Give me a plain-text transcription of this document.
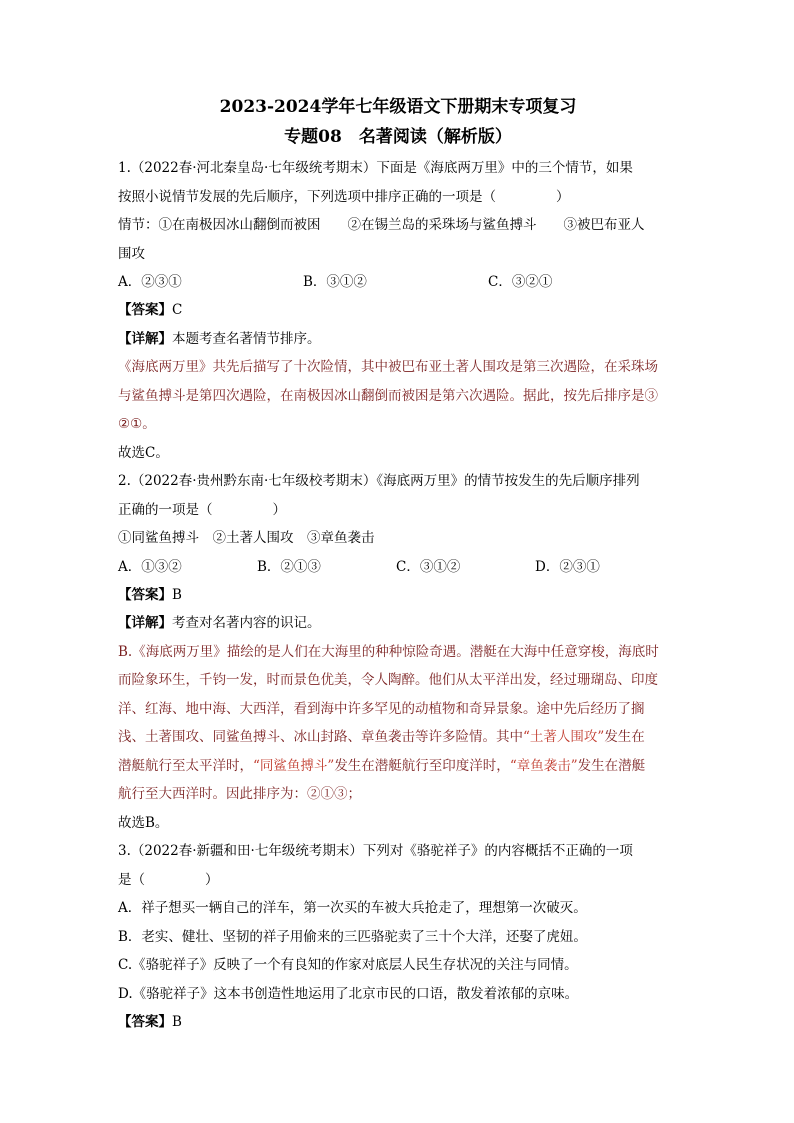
2023-2024学年七年级语文下册期末专项复习

专题08　名著阅读（解析版）

1.（2022春·河北秦皇岛·七年级统考期末）下面是《海底两万里》中的三个情节，如果

按照小说情节发展的先后顺序，下列选项中排序正确的一项是（	）

情节：①在南极因冰山翻倒而被困　　②在锡兰岛的采珠场与鲨鱼搏斗　　③被巴布亚人

围攻

A．②③①	B．③①②	C．③②①

【答案】C

【详解】本题考查名著情节排序。

《海底两万里》共先后描写了十次险情，其中被巴布亚土著人围攻是第三次遇险，在采珠场

与鲨鱼搏斗是第四次遇险，在南极因冰山翻倒而被困是第六次遇险。据此，按先后排序是③

②①。

故选C。

2.（2022春·贵州黔东南·七年级校考期末）《海底两万里》的情节按发生的先后顺序排列

正确的一项是（	）

①同鲨鱼搏斗　②土著人围攻　③章鱼袭击

A．①③②	B．②①③	C．③①②	D．②③①

【答案】B

【详解】考查对名著内容的识记。

B.《海底两万里》描绘的是人们在大海里的种种惊险奇遇。潜艇在大海中任意穿梭，海底时

而险象环生，千钧一发，时而景色优美，令人陶醉。他们从太平洋出发，经过珊瑚岛、印度

洋、红海、地中海、大西洋，看到海中许多罕见的动植物和奇异景象。途中先后经历了搁

浅、土著围攻、同鲨鱼搏斗、冰山封路、章鱼袭击等许多险情。其中“土著人围攻”发生在

潜艇航行至太平洋时，“同鲨鱼搏斗”发生在潜艇航行至印度洋时，“章鱼袭击”发生在潜艇

航行至大西洋时。因此排序为：②①③；

故选B。

3.（2022春·新疆和田·七年级统考期末）下列对《骆驼祥子》的内容概括不正确的一项

是（	）

A．祥子想买一辆自己的洋车，第一次买的车被大兵抢走了，理想第一次破灭。

B．老实、健壮、坚韧的祥子用偷来的三匹骆驼卖了三十个大洋，还娶了虎妞。

C.《骆驼祥子》反映了一个有良知的作家对底层人民生存状况的关注与同情。

D.《骆驼祥子》这本书创造性地运用了北京市民的口语，散发着浓郁的京味。

【答案】B
